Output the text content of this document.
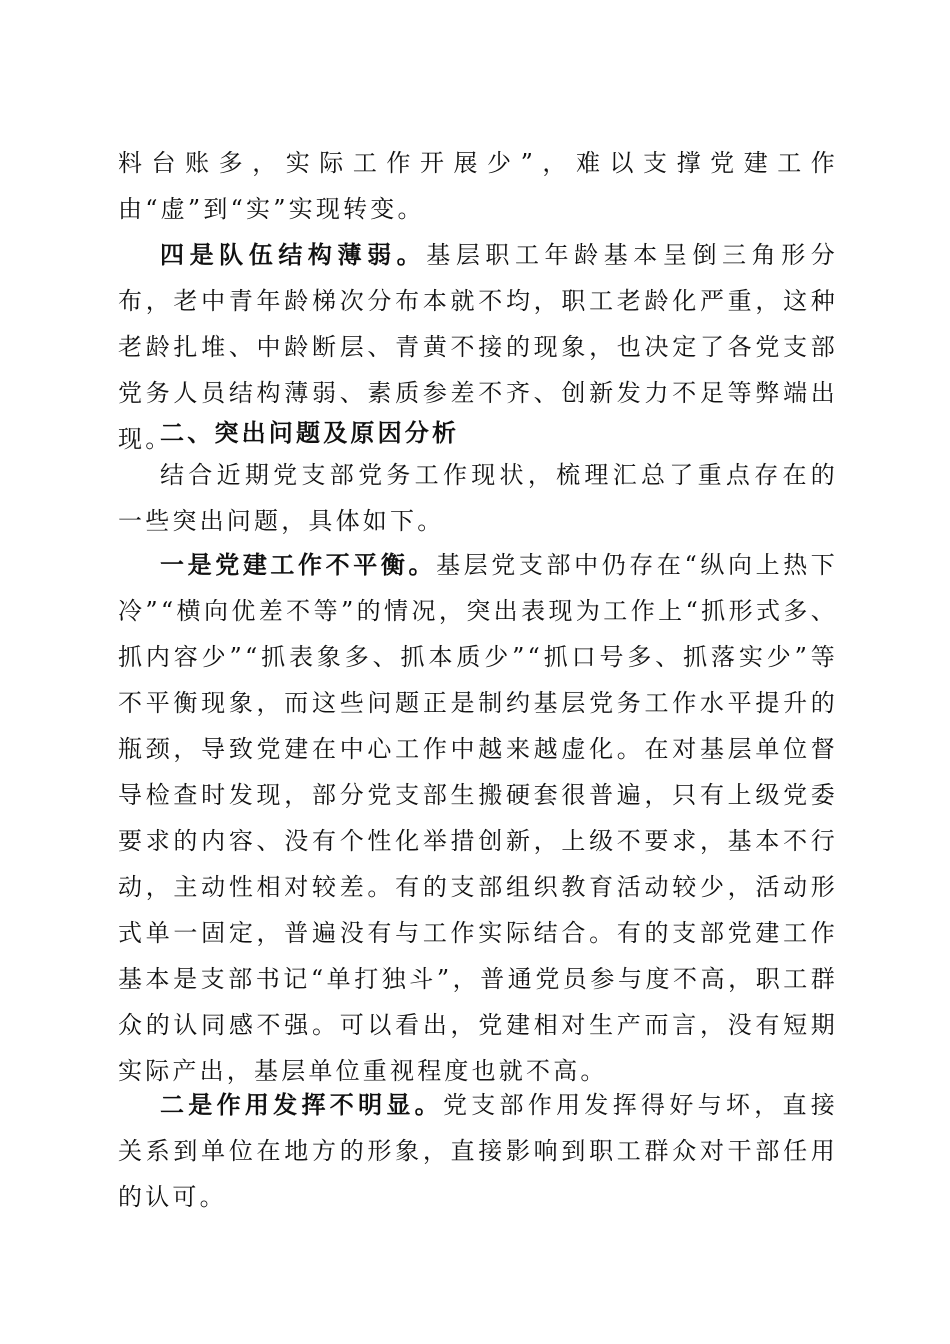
料台账多，实际工作开展少”，难以支撑党建工作由“虚”到“实”实现转变。

四是队伍结构薄弱。基层职工年龄基本呈倒三角形分布，老中青年龄梯次分布本就不均，职工老龄化严重，这种老龄扎堆、中龄断层、青黄不接的现象，也决定了各党支部党务人员结构薄弱、素质参差不齐、创新发力不足等弊端出现。

二、突出问题及原因分析

结合近期党支部党务工作现状，梳理汇总了重点存在的一些突出问题，具体如下。

一是党建工作不平衡。基层党支部中仍存在“纵向上热下冷”“横向优差不等”的情况，突出表现为工作上“抓形式多、抓内容少”“抓表象多、抓本质少”“抓口号多、抓落实少”等不平衡现象，而这些问题正是制约基层党务工作水平提升的瓶颈，导致党建在中心工作中越来越虚化。在对基层单位督导检查时发现，部分党支部生搬硬套很普遍，只有上级党委要求的内容、没有个性化举措创新，上级不要求，基本不行动，主动性相对较差。有的支部组织教育活动较少，活动形式单一固定，普遍没有与工作实际结合。有的支部党建工作基本是支部书记“单打独斗”，普通党员参与度不高，职工群众的认同感不强。可以看出，党建相对生产而言，没有短期实际产出，基层单位重视程度也就不高。

二是作用发挥不明显。党支部作用发挥得好与坏，直接关系到单位在地方的形象，直接影响到职工群众对干部任用的认可。
